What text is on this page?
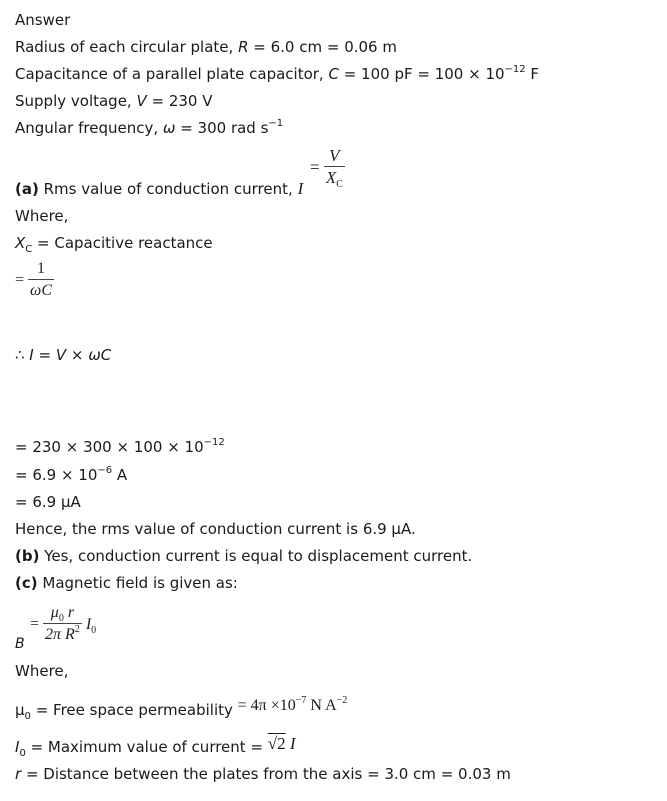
Answer
Radius of each circular plate, R = 6.0 cm = 0.06 m
Capacitance of a parallel plate capacitor, C = 100 pF = $100 \times 10^{-12}$ F
Supply voltage, V = 230 V
Angular frequency, ω = 300 rad $s^{-1}$
= $\frac{V}{X_C}$
(a) Rms value of conduction current, I
Where,
$X_C$ = Capacitive reactance
= $\frac{1}{\omega C}$
∴ I = V × ωC
= $230 \times 300 \times 100 \times 10^{-12}$
= $6.9 \times 10^{-6}$ A
= 6.9 μA
Hence, the rms value of conduction current is 6.9 μA.
(b) Yes, conduction current is equal to displacement current.
(c) Magnetic field is given as:
= $\frac{\mu_0 r}{2\pi R^2} I_0$
B
Where,
$\mu_0$ = Free space permeability = $4\pi \times 10^{-7}$ N $A^{-2}$
$I_0$ = Maximum value of current = √2 I
r = Distance between the plates from the axis = 3.0 cm = 0.03 m
